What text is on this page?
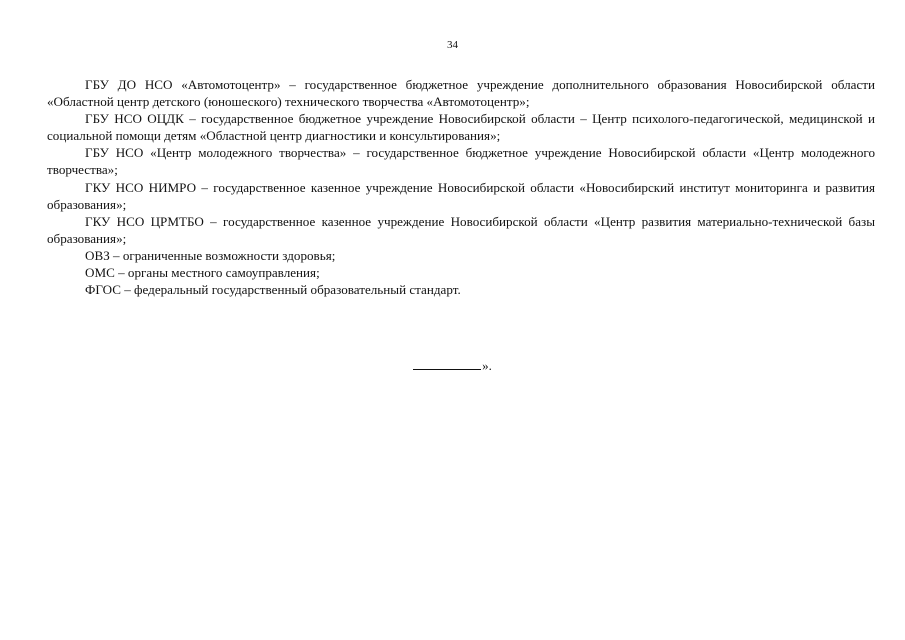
34

ГБУ ДО НСО «Автомотоцентр» – государственное бюджетное учреждение дополнительного образования Новосибирской области «Областной центр детского (юношеского) технического творчества «Автомотоцентр»;

ГБУ НСО ОЦДК – государственное бюджетное учреждение Новосибирской области – Центр психолого-педагогической, медицинской и социальной помощи детям «Областной центр диагностики и консультирования»;

ГБУ НСО «Центр молодежного творчества» – государственное бюджетное учреждение Новосибирской области «Центр молодежного творчества»;

ГКУ НСО НИМРО – государственное казенное учреждение Новосибирской области «Новосибирский институт мониторинга и развития образования»;

ГКУ НСО ЦРМТБО – государственное казенное учреждение Новосибирской области «Центр развития материально-технической базы образования»;

ОВЗ – ограниченные возможности здоровья;

ОМС – органы местного самоуправления;

ФГОС – федеральный государственный образовательный стандарт.

».
